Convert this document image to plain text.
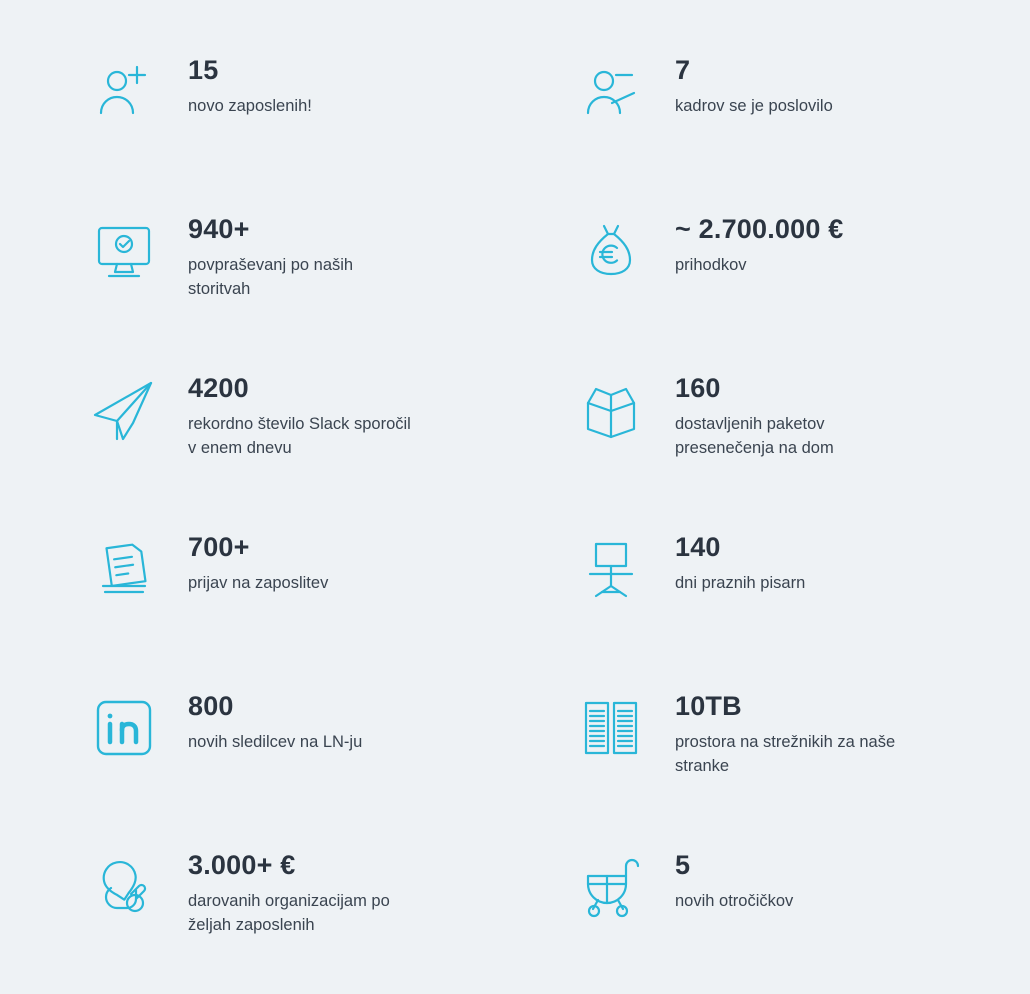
15
novo zaposlenih!
7
kadrov se je poslovilo
940+
povpraševanj po naših storitvah
~ 2.700.000 €
prihodkov
4200
rekordno število Slack sporočil v enem dnevu
160
dostavljenih paketov presenečenja na dom
700+
prijav na zaposlitev
140
dni praznih pisarn
800
novih sledilcev na LN-ju
10TB
prostora na strežnikih za naše stranke
3.000+ €
darovanih organizacijam po željah zaposlenih
5
novih otročičkov
